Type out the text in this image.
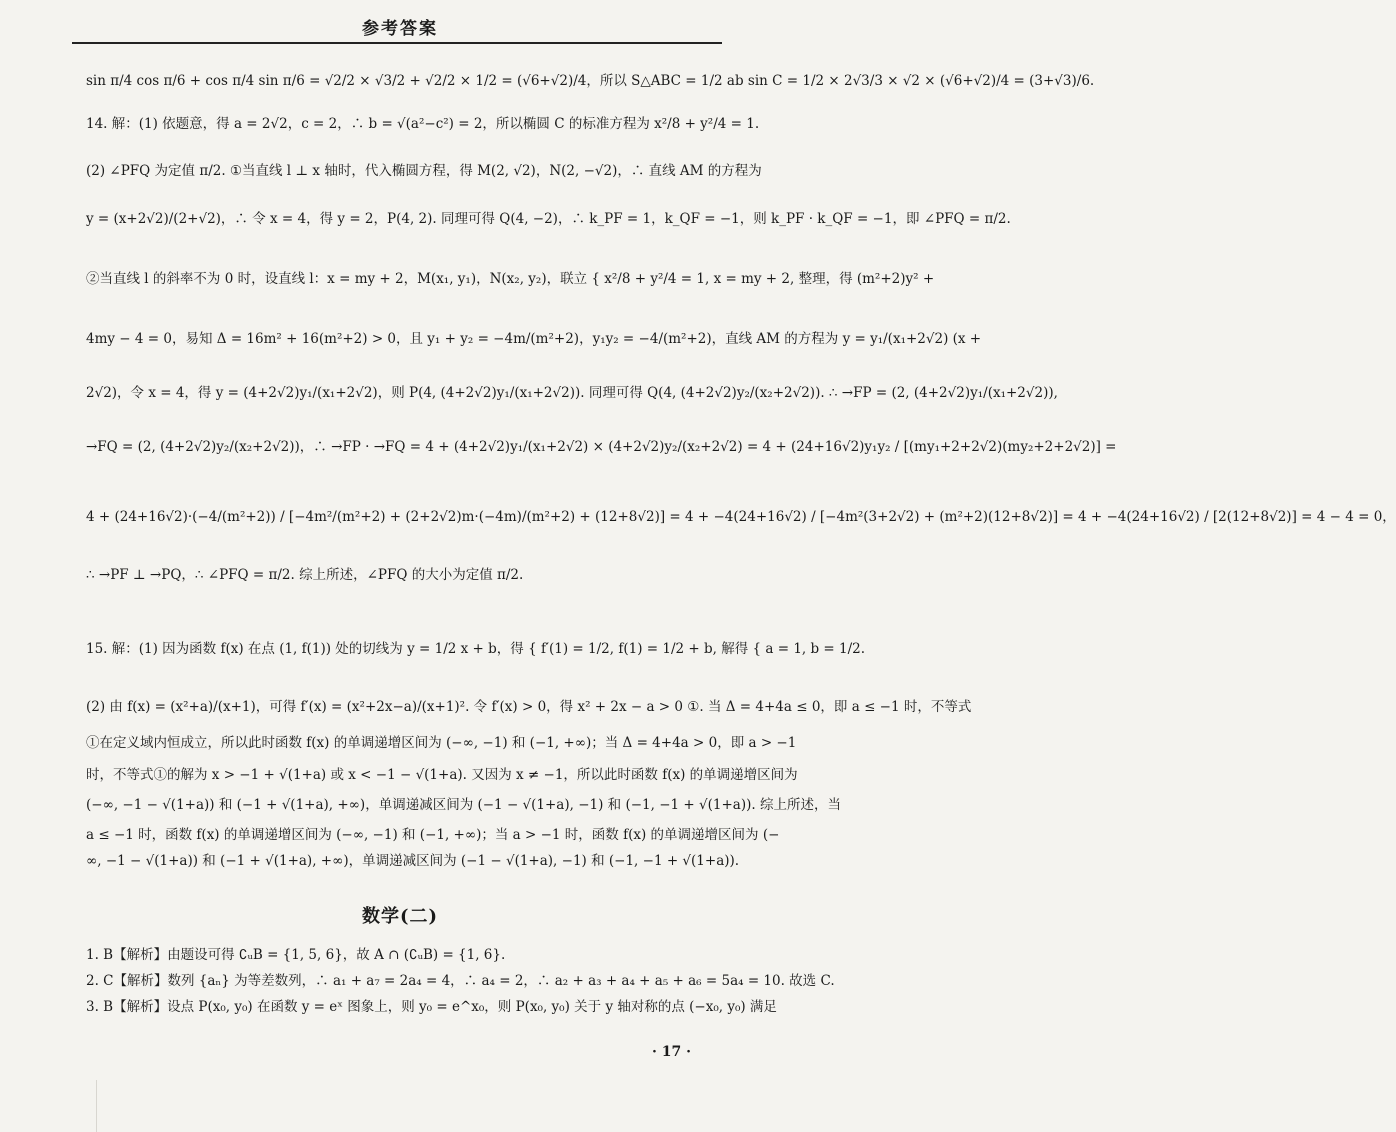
参考答案
sin π/4 cos π/6 + cos π/4 sin π/6 = √2/2 × √3/2 + √2/2 × 1/2 = (√6+√2)/4，所以 S△ABC = 1/2 ab sin C = 1/2 × 2√3/3 × √2 × (√6+√2)/4 = (3+√3)/6.
14. 解：(1) 依题意，得 a = 2√2，c = 2，∴ b = √(a²−c²) = 2，所以椭圆 C 的标准方程为 x²/8 + y²/4 = 1.
(2) ∠PFQ 为定值 π/2. ①当直线 l ⊥ x 轴时，代入椭圆方程，得 M(2, √2)，N(2, −√2)，∴ 直线 AM 的方程为
y = (x+2√2)/(2+√2)，∴ 令 x = 4，得 y = 2，P(4, 2). 同理可得 Q(4, −2)，∴ k_PF = 1，k_QF = −1，则 k_PF · k_QF = −1，即 ∠PFQ = π/2.
②当直线 l 的斜率不为 0 时，设直线 l：x = my + 2，M(x₁, y₁)，N(x₂, y₂)，联立 { x²/8 + y²/4 = 1, x = my + 2, 整理，得 (m²+2)y² +
4my − 4 = 0，易知 Δ = 16m² + 16(m²+2) > 0，且 y₁ + y₂ = −4m/(m²+2)，y₁y₂ = −4/(m²+2)，直线 AM 的方程为 y = y₁/(x₁+2√2) (x +
2√2)，令 x = 4，得 y = (4+2√2)y₁/(x₁+2√2)，则 P(4, (4+2√2)y₁/(x₁+2√2)). 同理可得 Q(4, (4+2√2)y₂/(x₂+2√2)). ∴ →FP = (2, (4+2√2)y₁/(x₁+2√2)),
→FQ = (2, (4+2√2)y₂/(x₂+2√2))，∴ →FP · →FQ = 4 + (4+2√2)y₁/(x₁+2√2) × (4+2√2)y₂/(x₂+2√2) = 4 + (24+16√2)y₁y₂ / [(my₁+2+2√2)(my₂+2+2√2)] =
4 + (24+16√2)·(−4/(m²+2)) / [−4m²/(m²+2) + (2+2√2)m·(−4m)/(m²+2) + (12+8√2)] = 4 + −4(24+16√2) / [−4m²(3+2√2) + (m²+2)(12+8√2)] = 4 + −4(24+16√2) / [2(12+8√2)] = 4 − 4 = 0，
∴ →PF ⊥ →PQ，∴ ∠PFQ = π/2. 综上所述，∠PFQ 的大小为定值 π/2.
15. 解：(1) 因为函数 f(x) 在点 (1, f(1)) 处的切线为 y = 1/2 x + b，得 { f′(1) = 1/2, f(1) = 1/2 + b, 解得 { a = 1, b = 1/2.
(2) 由 f(x) = (x²+a)/(x+1)，可得 f′(x) = (x²+2x−a)/(x+1)². 令 f′(x) > 0，得 x² + 2x − a > 0 ①. 当 Δ = 4+4a ≤ 0，即 a ≤ −1 时，不等式
①在定义域内恒成立，所以此时函数 f(x) 的单调递增区间为 (−∞, −1) 和 (−1, +∞)；当 Δ = 4+4a > 0，即 a > −1
时，不等式①的解为 x > −1 + √(1+a) 或 x < −1 − √(1+a). 又因为 x ≠ −1，所以此时函数 f(x) 的单调递增区间为
(−∞, −1 − √(1+a)) 和 (−1 + √(1+a), +∞)，单调递减区间为 (−1 − √(1+a), −1) 和 (−1, −1 + √(1+a)). 综上所述，当
a ≤ −1 时，函数 f(x) 的单调递增区间为 (−∞, −1) 和 (−1, +∞)；当 a > −1 时，函数 f(x) 的单调递增区间为 (−
∞, −1 − √(1+a)) 和 (−1 + √(1+a), +∞)，单调递减区间为 (−1 − √(1+a), −1) 和 (−1, −1 + √(1+a)).
数学(二)
1. B【解析】由题设可得 ∁ᵤB = {1, 5, 6}，故 A ∩ (∁ᵤB) = {1, 6}.
2. C【解析】数列 {aₙ} 为等差数列，∴ a₁ + a₇ = 2a₄ = 4，∴ a₄ = 2，∴ a₂ + a₃ + a₄ + a₅ + a₆ = 5a₄ = 10. 故选 C.
3. B【解析】设点 P(x₀, y₀) 在函数 y = eˣ 图象上，则 y₀ = e^x₀，则 P(x₀, y₀) 关于 y 轴对称的点 (−x₀, y₀) 满足
· 17 ·
